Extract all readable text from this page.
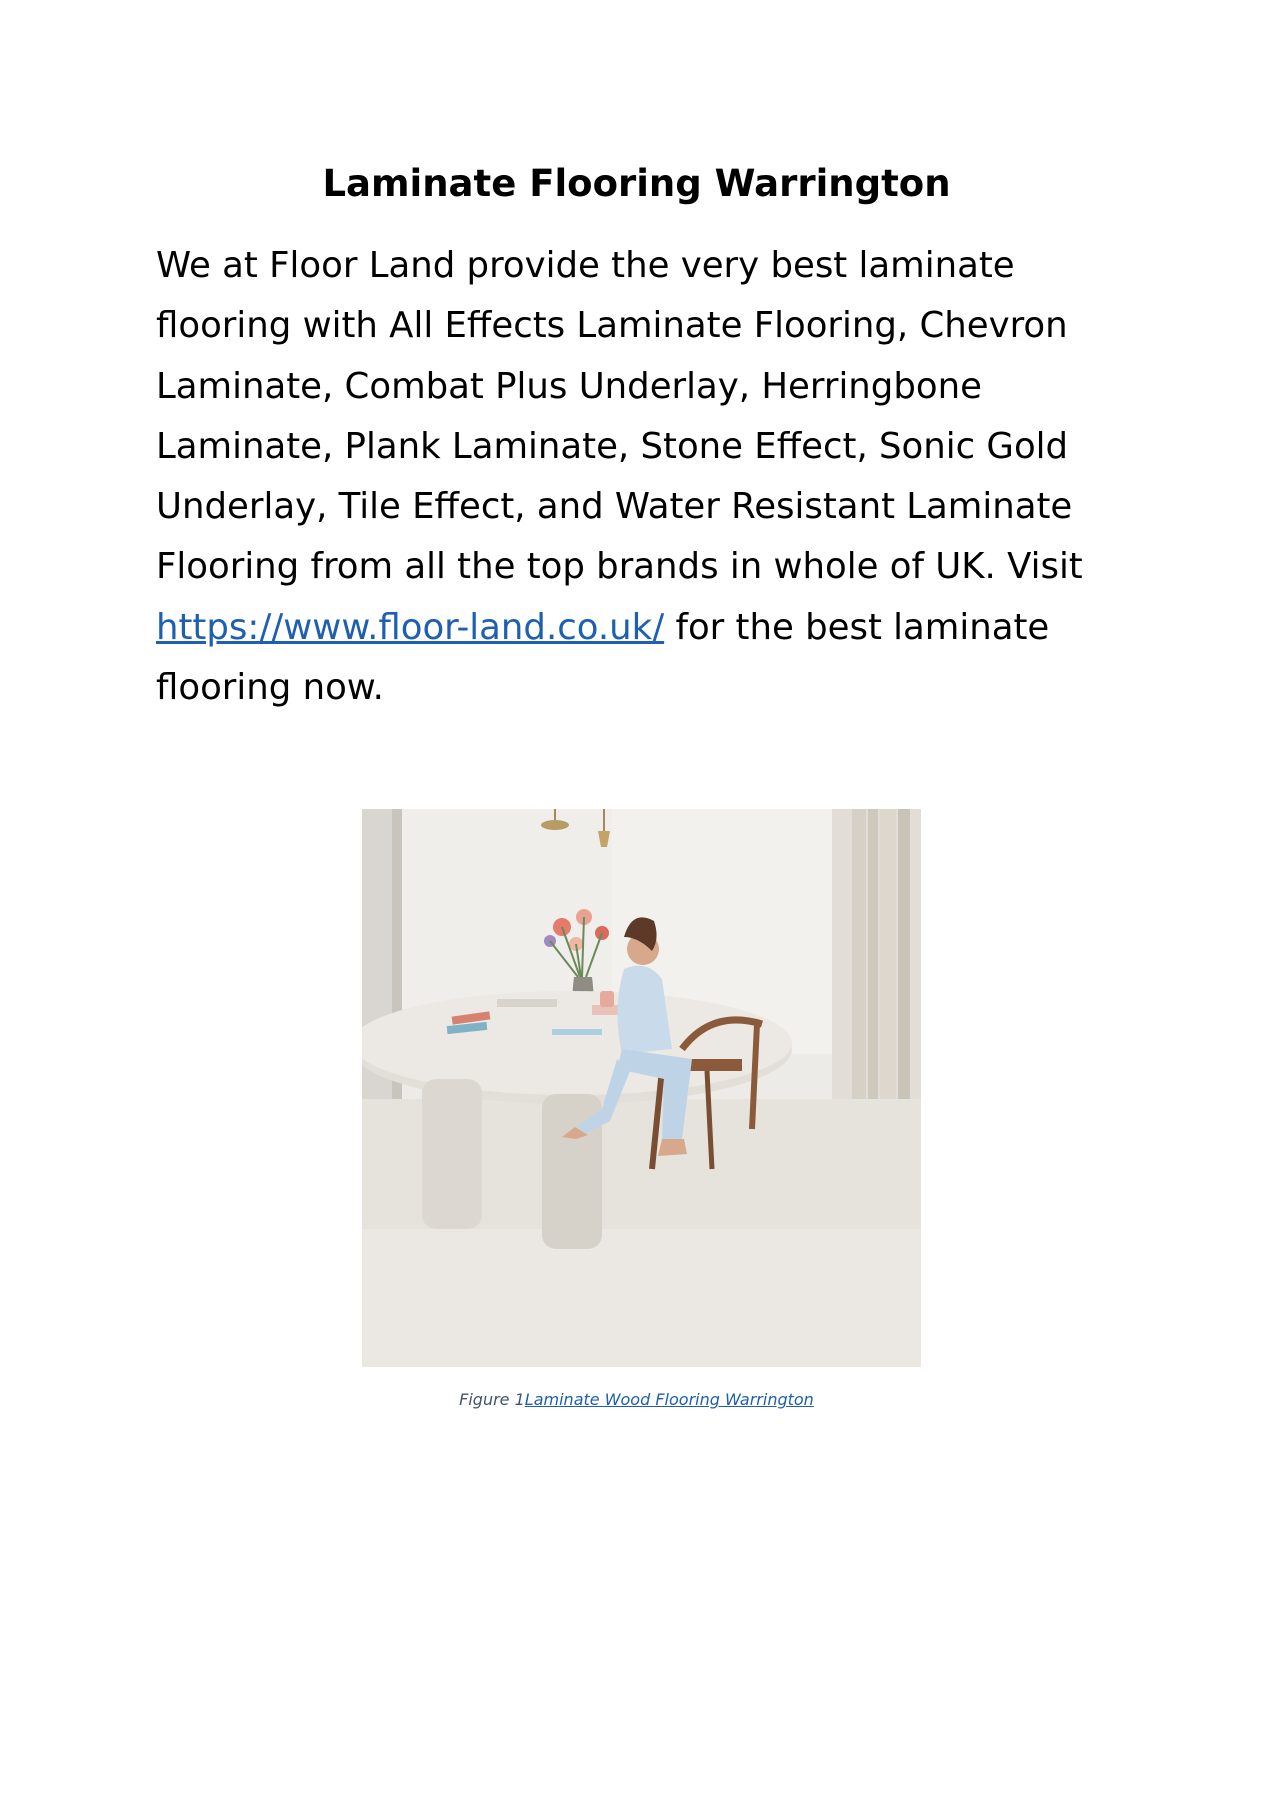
Laminate Flooring Warrington
We at Floor Land provide the very best laminate
flooring with All Effects Laminate Flooring, Chevron
Laminate, Combat Plus Underlay, Herringbone
Laminate, Plank Laminate, Stone Effect, Sonic Gold
Underlay, Tile Effect, and Water Resistant Laminate
Flooring from all the top brands in whole of UK. Visit
https://www.floor-land.co.uk/ for the best laminate
flooring now.
Figure 1Laminate Wood Flooring Warrington
